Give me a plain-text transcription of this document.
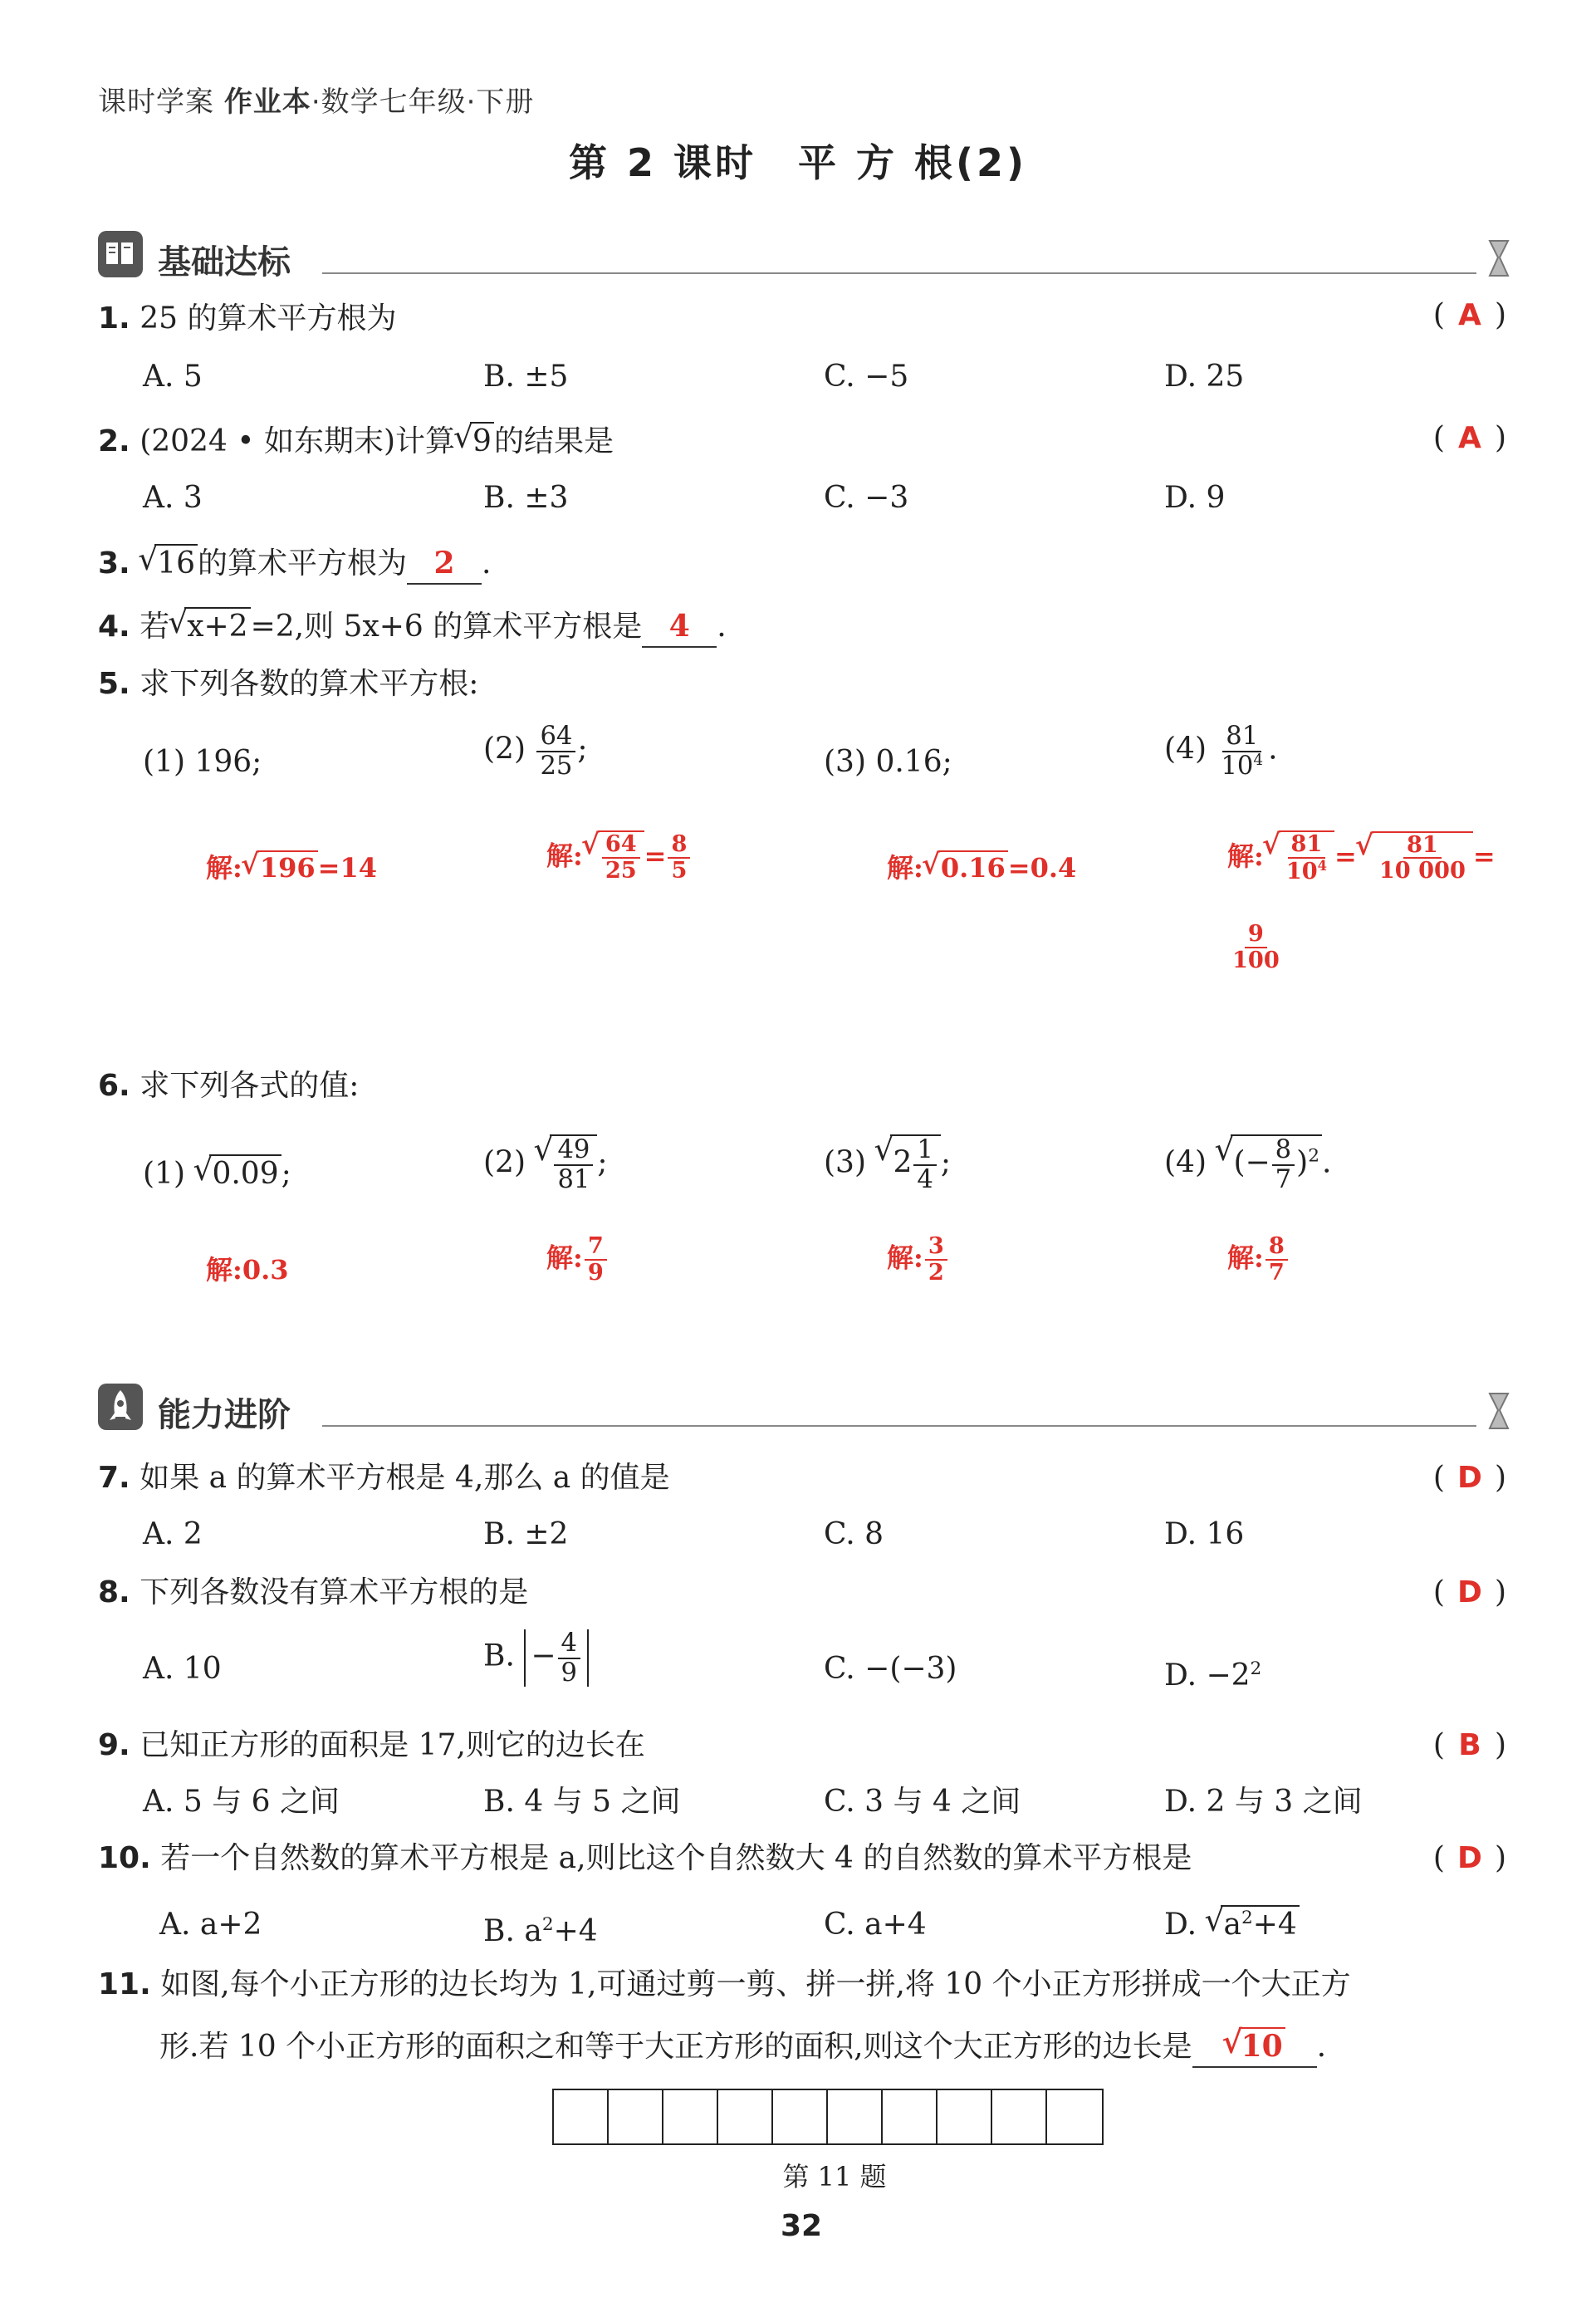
课时学案 作业本·数学七年级·下册
第 2 课时　平 方 根(2)
基础达标
1. 25 的算术平方根为	( A )
A. 5	B. ±5	C. −5	D. 25
2. (2024 • 如东期末)计算 √ 9的结果是	( A )
A. 3	B. ±3	C. −3	D. 9
3. √ 16的算术平方根为 2 .
4. 若 √ x+2=2,则 5x+6 的算术平方根是 4 .
5. 求下列各数的算术平方根:
(1) 196;	$(2) \frac{64}{25}$ ;	(3) 0.16;	$(4) \frac{81}{10^4}$ .
解: √ 196=14	解: √ $\frac{64}{25} = \frac{8}{5}$	解: √ 0.16=0.4	解: √ $\frac{81}{10^4}$ = √ $\frac{81}{10 000}$ =
$\frac{9}{100}$
6. 求下列各式的值:
(1) √ 0.09;	(2) √ $\frac{49}{81}$ ;	(3) √ $2 \frac{1}{4}$ ;	(4) √ (− $\frac{8}{7} )^2$.
解:0.3	解: $\frac{7}{9}$	解: $\frac{3}{2}$	解: $\frac{8}{7}$
能力进阶
7. 如果 a 的算术平方根是 4,那么 a 的值是	( D )
A. 2	B. ±2	C. 8	D. 16
8. 下列各数没有算术平方根的是	( D )
A. 10	B. − $\frac{4}{9}$	C. −(−3)	D. $-2^2$
9. 已知正方形的面积是 17,则它的边长在	( B )
A. 5 与 6 之间	B. 4 与 5 之间	C. 3 与 4 之间	D. 2 与 3 之间
10. 若一个自然数的算术平方根是 a,则比这个自然数大 4 的自然数的算术平方根是	( D )
A. a+2	B. $a^2+4$	C. a+4	D. √ $a^2+4$
11. 如图,每个小正方形的边长均为 1,可通过剪一剪、拼一拼,将 10 个小正方形拼成一个大正方
形.若 10 个小正方形的面积之和等于大正方形的面积,则这个大正方形的边长是 √ 10 .
第 11 题
32
